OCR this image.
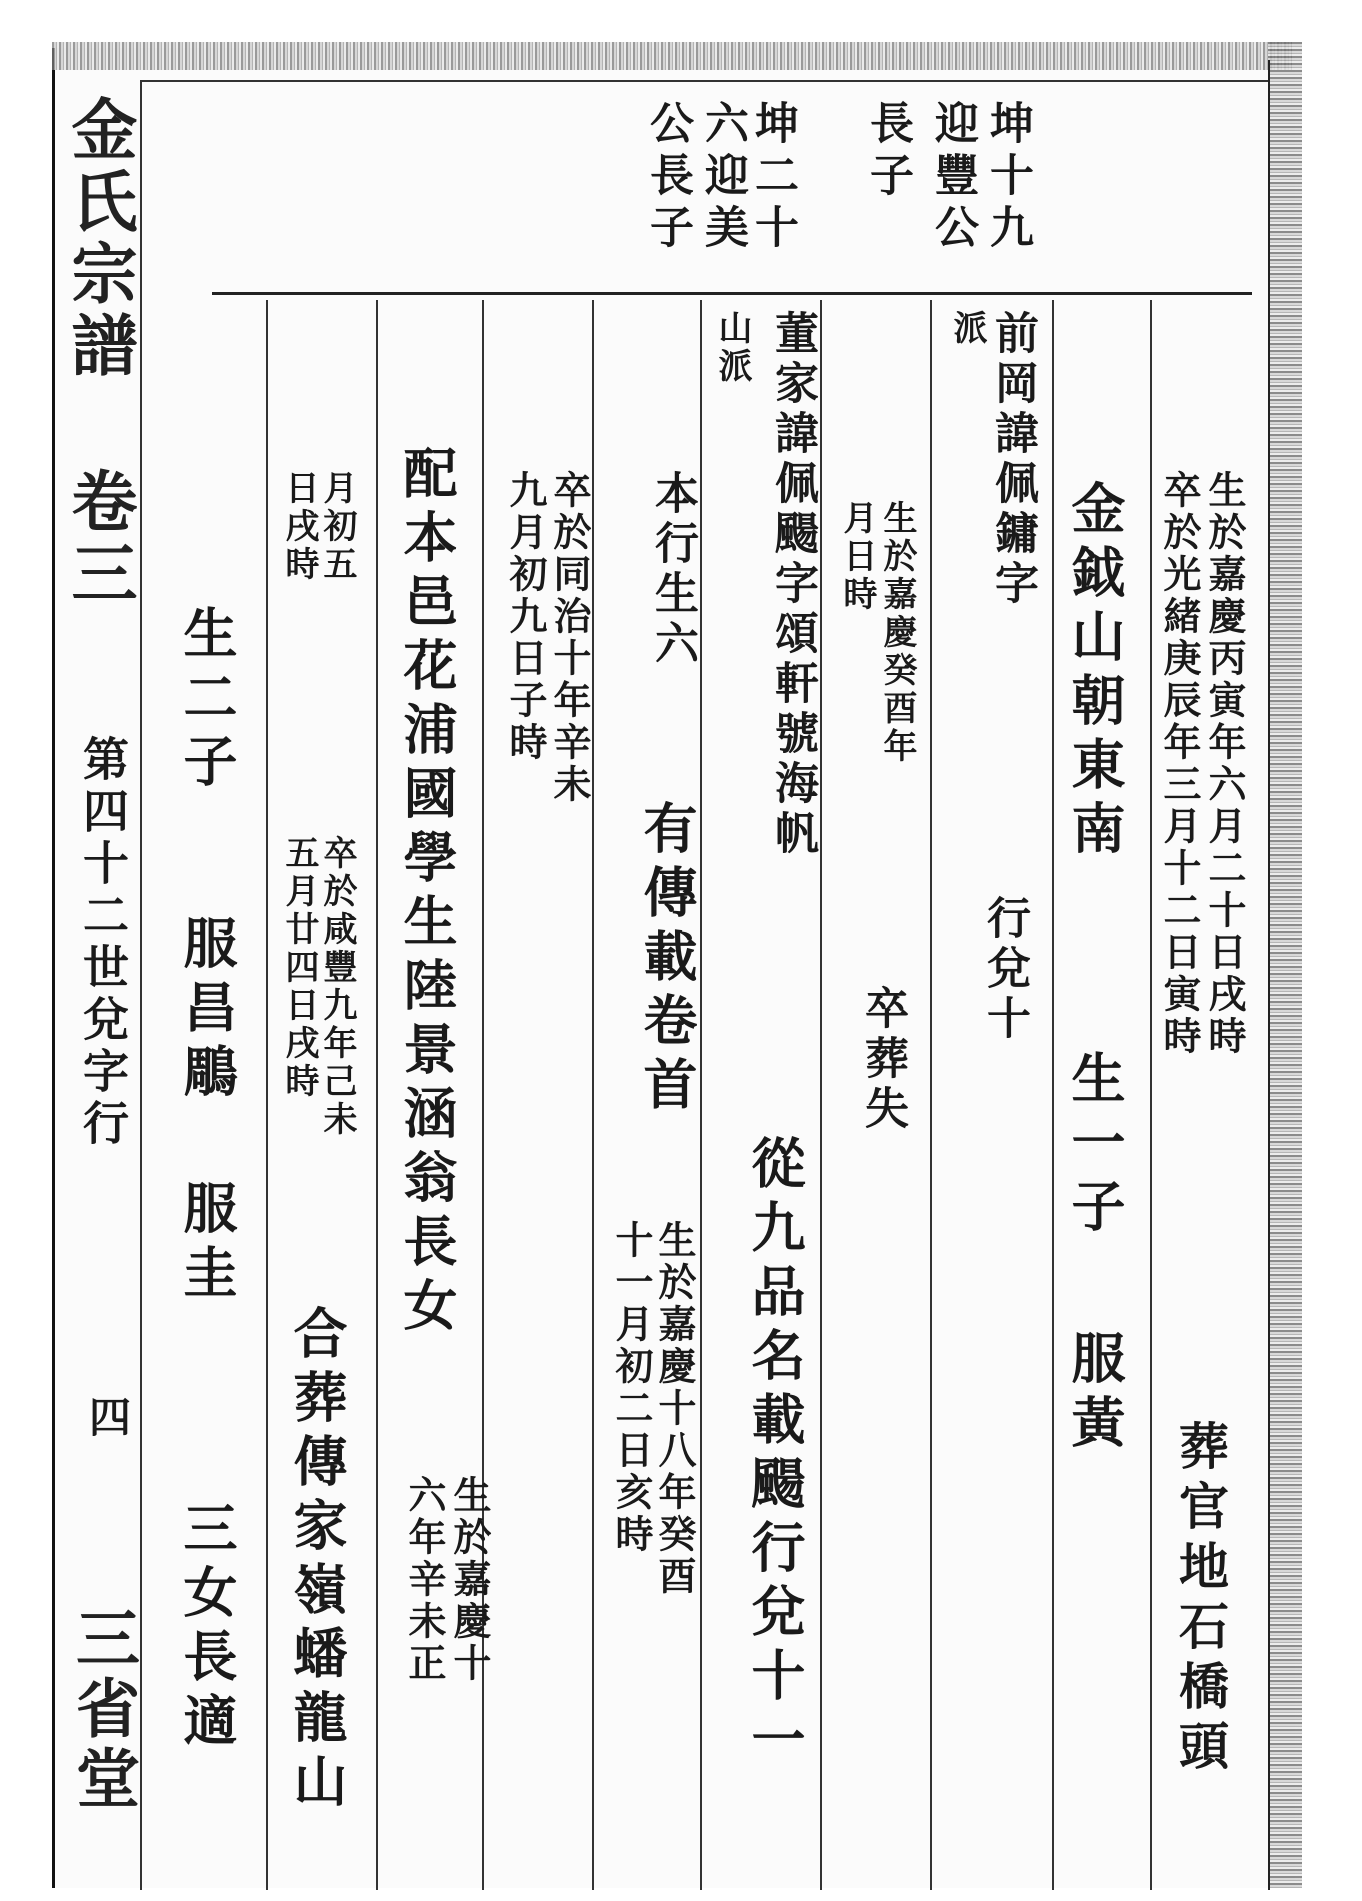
金氏宗譜 卷三
第四十二世兌字行
四
三省堂
坤十九
迎豐公
長子
坤二十
六迎美
公長子
生於嘉慶丙寅年六月二十日戌時
卒於光緒庚辰年三月十二日寅時
葬官地石橋頭
金鉞山朝東南
生一子
服黃
前岡諱佩鏞字
行兌十
派
生於嘉慶癸酉年
月日時
卒葬失
董家諱佩颺字頌軒號海帆
從九品名載颺行兌十一
山派
本行生六
有傳載卷首
生於嘉慶十八年癸酉
十一月初二日亥時
卒於同治十年辛未
九月初九日子時
生於嘉慶十
六年辛未正
配本邑花浦國學生陸景涵翁長女
月初五
日戌時
卒於咸豐九年己未
五月廿四日戌時
合葬傳家嶺蟠龍山
生二子
服昌鵰
服圭
三女長適
